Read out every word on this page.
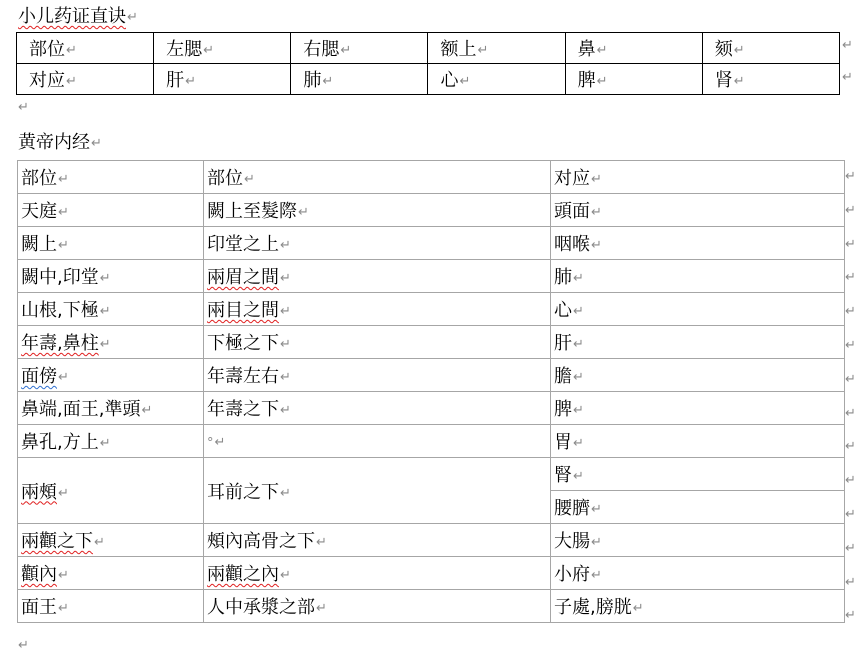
小儿药证直诀↵
部位↵	左腮↵	右腮↵	额上↵	鼻↵	颏↵
对应↵	肝↵	肺↵	心↵	脾↵	肾↵
↵
↵
↵
黄帝内经↵
部位↵	部位↵	对应↵
天庭↵	闕上至髮際↵	頭面↵
闕上↵	印堂之上↵	咽喉↵
闕中,印堂↵	兩眉之間↵	肺↵
山根,下極↵	兩目之間↵	心↵
年壽,鼻柱↵	下極之下↵	肝↵
面傍↵	年壽左右↵	膽↵
鼻端,面王,準頭↵	年壽之下↵	脾↵
鼻孔,方上↵	°↵	胃↵
兩頰↵	耳前之下↵	腎↵
		腰臍↵
兩顴之下↵	頰內高骨之下↵	大腸↵
顴內↵	兩顴之內↵	小府↵
面王↵	人中承漿之部↵	子處,膀胱↵
↵
↵
↵
↵
↵
↵
↵
↵
↵
↵
↵
↵
↵
↵
↵
